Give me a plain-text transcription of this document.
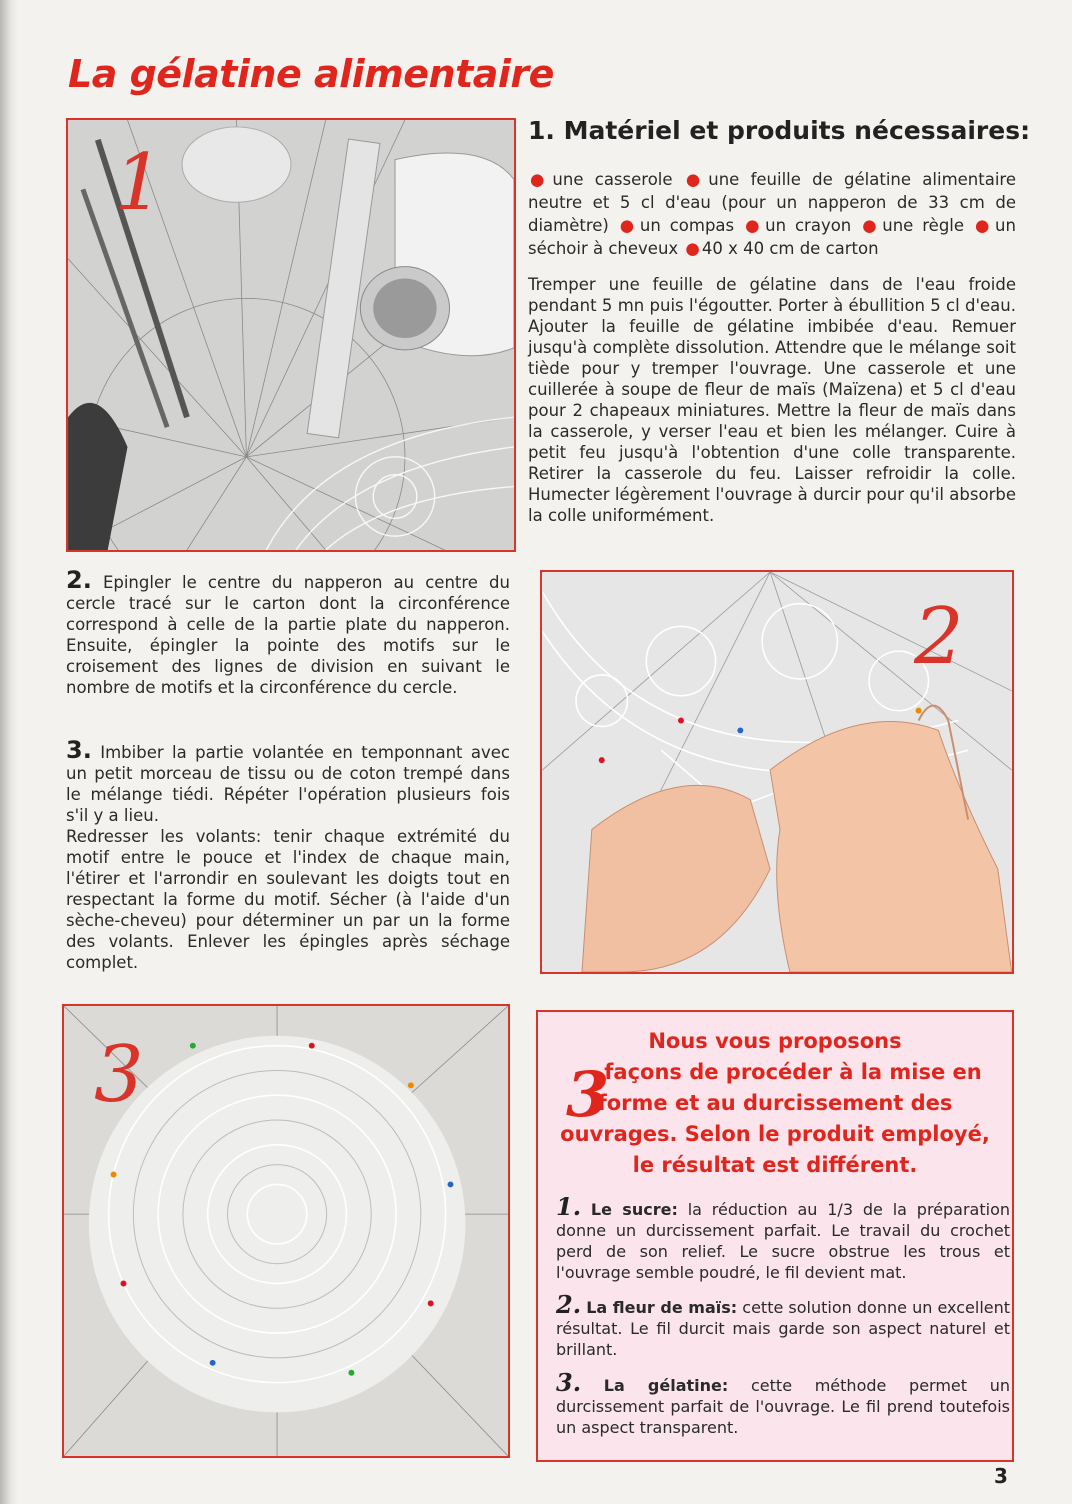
La gélatine alimentaire
1
1. Matériel et produits nécessaires:
● une casserole ● une feuille de gélatine alimentaire neutre et 5 cl d'eau (pour un napperon de 33 cm de diamètre) ● un compas ● un crayon ● une règle ● un séchoir à cheveux ● 40 x 40 cm de carton

Tremper une feuille de gélatine dans de l'eau froide pendant 5 mn puis l'égoutter. Porter à ébullition 5 cl d'eau. Ajouter la feuille de gélatine imbibée d'eau. Remuer jusqu'à complète dissolution. Attendre que le mélange soit tiède pour y tremper l'ouvrage. Une casserole et une cuillerée à soupe de fleur de maïs (Maïzena) et 5 cl d'eau pour 2 chapeaux miniatures. Mettre la fleur de maïs dans la casserole, y verser l'eau et bien les mélanger. Cuire à petit feu jusqu'à l'obtention d'une colle transparente. Retirer la casserole du feu. Laisser refroidir la colle. Humecter légèrement l'ouvrage à durcir pour qu'il absorbe la colle uniformément.

2. Epingler le centre du napperon au centre du cercle tracé sur le carton dont la circonférence correspond à celle de la partie plate du napperon. Ensuite, épingler la pointe des motifs sur le croisement des lignes de division en suivant le nombre de motifs et la circonférence du cercle.

2

3. Imbiber la partie volantée en temponnant avec un petit morceau de tissu ou de coton trempé dans le mélange tiédi. Répéter l'opération plusieurs fois s'il y a lieu.

Redresser les volants: tenir chaque extrémité du motif entre le pouce et l'index de chaque main, l'étirer et l'arrondir en soulevant les doigts tout en respectant la forme du motif. Sécher (à l'aide d'un sèche-cheveu) pour déterminer un par un la forme des volants. Enlever les épingles après séchage complet.

3	Nous vous proposons
façons de procéder à la mise en
forme et au durcissement des
ouvrages. Selon le produit employé,
le résultat est différent.
3

1. Le sucre: la réduction au 1/3 de la préparation donne un durcissement parfait. Le travail du crochet perd de son relief. Le sucre obstrue les trous et l'ouvrage semble poudré, le fil devient mat.

2. La fleur de maïs: cette solution donne un excellent résultat. Le fil durcit mais garde son aspect naturel et brillant.

3. La gélatine: cette méthode permet un durcissement parfait de l'ouvrage. Le fil prend toutefois un aspect transparent.

3
